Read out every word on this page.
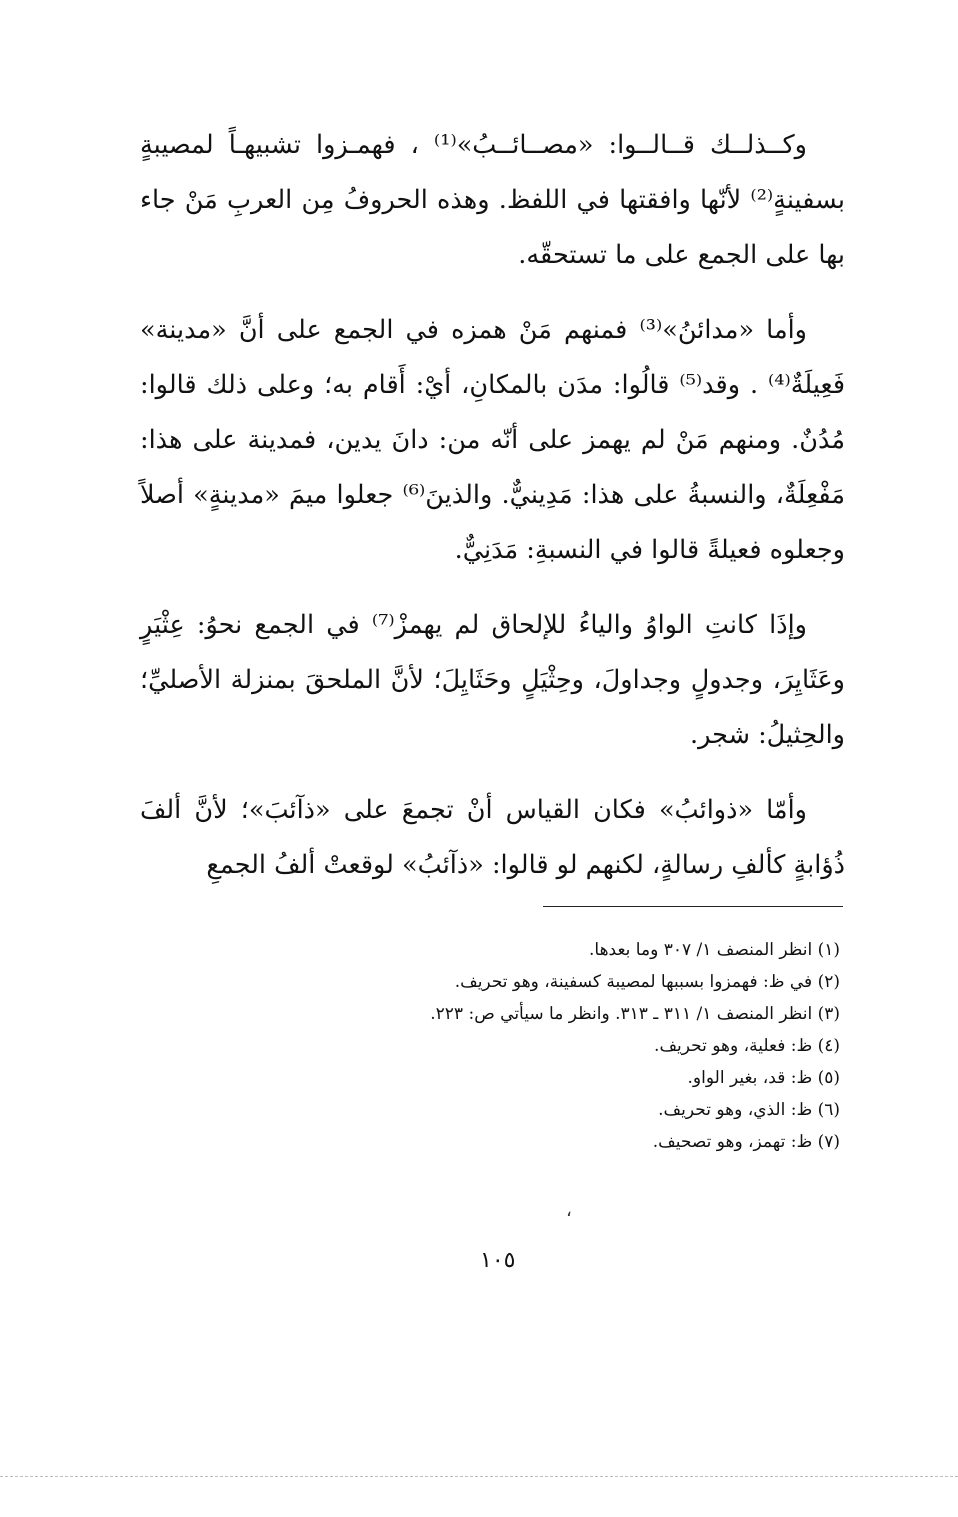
وكــذلــك قــالــوا: «مصــائــبُ»⁽¹⁾ ، فهمـزوا تشبيهـاً لمصيبةٍ بسفينةٍ⁽²⁾ لأنّها وافقتها في اللفظ. وهذه الحروفُ مِن العربِ مَنْ جاء بها على الجمع على ما تستحقّه.

وأما «مدائنُ»⁽³⁾ فمنهم مَنْ همزه في الجمع على أنَّ «مدينة» فَعِيلَةٌ⁽⁴⁾ . وقد⁽⁵⁾ قالُوا: مدَن بالمكانِ، أيْ: أَقام به؛ وعلى ذلك قالوا: مُدُنٌ. ومنهم مَنْ لم يهمز على أنّه من: دانَ يدين، فمدينة على هذا: مَفْعِلَةٌ، والنسبةُ على هذا: مَدِينيٌّ. والذينَ⁽⁶⁾ جعلوا ميمَ «مدينةٍ» أصلاً وجعلوه فعيلةً قالوا في النسبةِ: مَدَنِيٌّ.

وإذَا كانتِ الواوُ والياءُ للإلحاق لم يهمزْ⁽⁷⁾ في الجمع نحوُ: عِثْيَرٍ وعَثَايِرَ، وجدولٍ وجداولَ، وحِثْيَلٍ وحَثَايِلَ؛ لأنَّ الملحقَ بمنزلة الأصليِّ؛ والحِثيلُ: شجر.

وأمّا «ذوائبُ» فكان القياس أنْ تجمعَ على «ذآئبَ»؛ لأنَّ ألفَ ذُؤابةٍ كألفِ رسالةٍ، لكنهم لو قالوا: «ذآئبُ» لوقعتْ ألفُ الجمعِ

(١) انظر المنصف ١/ ٣٠٧ وما بعدها.

(٢) في ظ: فهمزوا بسببها لمصيبة كسفينة، وهو تحريف.

(٣) انظر المنصف ١/ ٣١١ ـ ٣١٣. وانظر ما سيأتي ص: ٢٢٣.

(٤) ظ: فعلية، وهو تحريف.

(٥) ظ: قد، بغير الواو.

(٦) ظ: الذي، وهو تحريف.

(٧) ظ: تهمز، وهو تصحيف.

،
١٠٥
